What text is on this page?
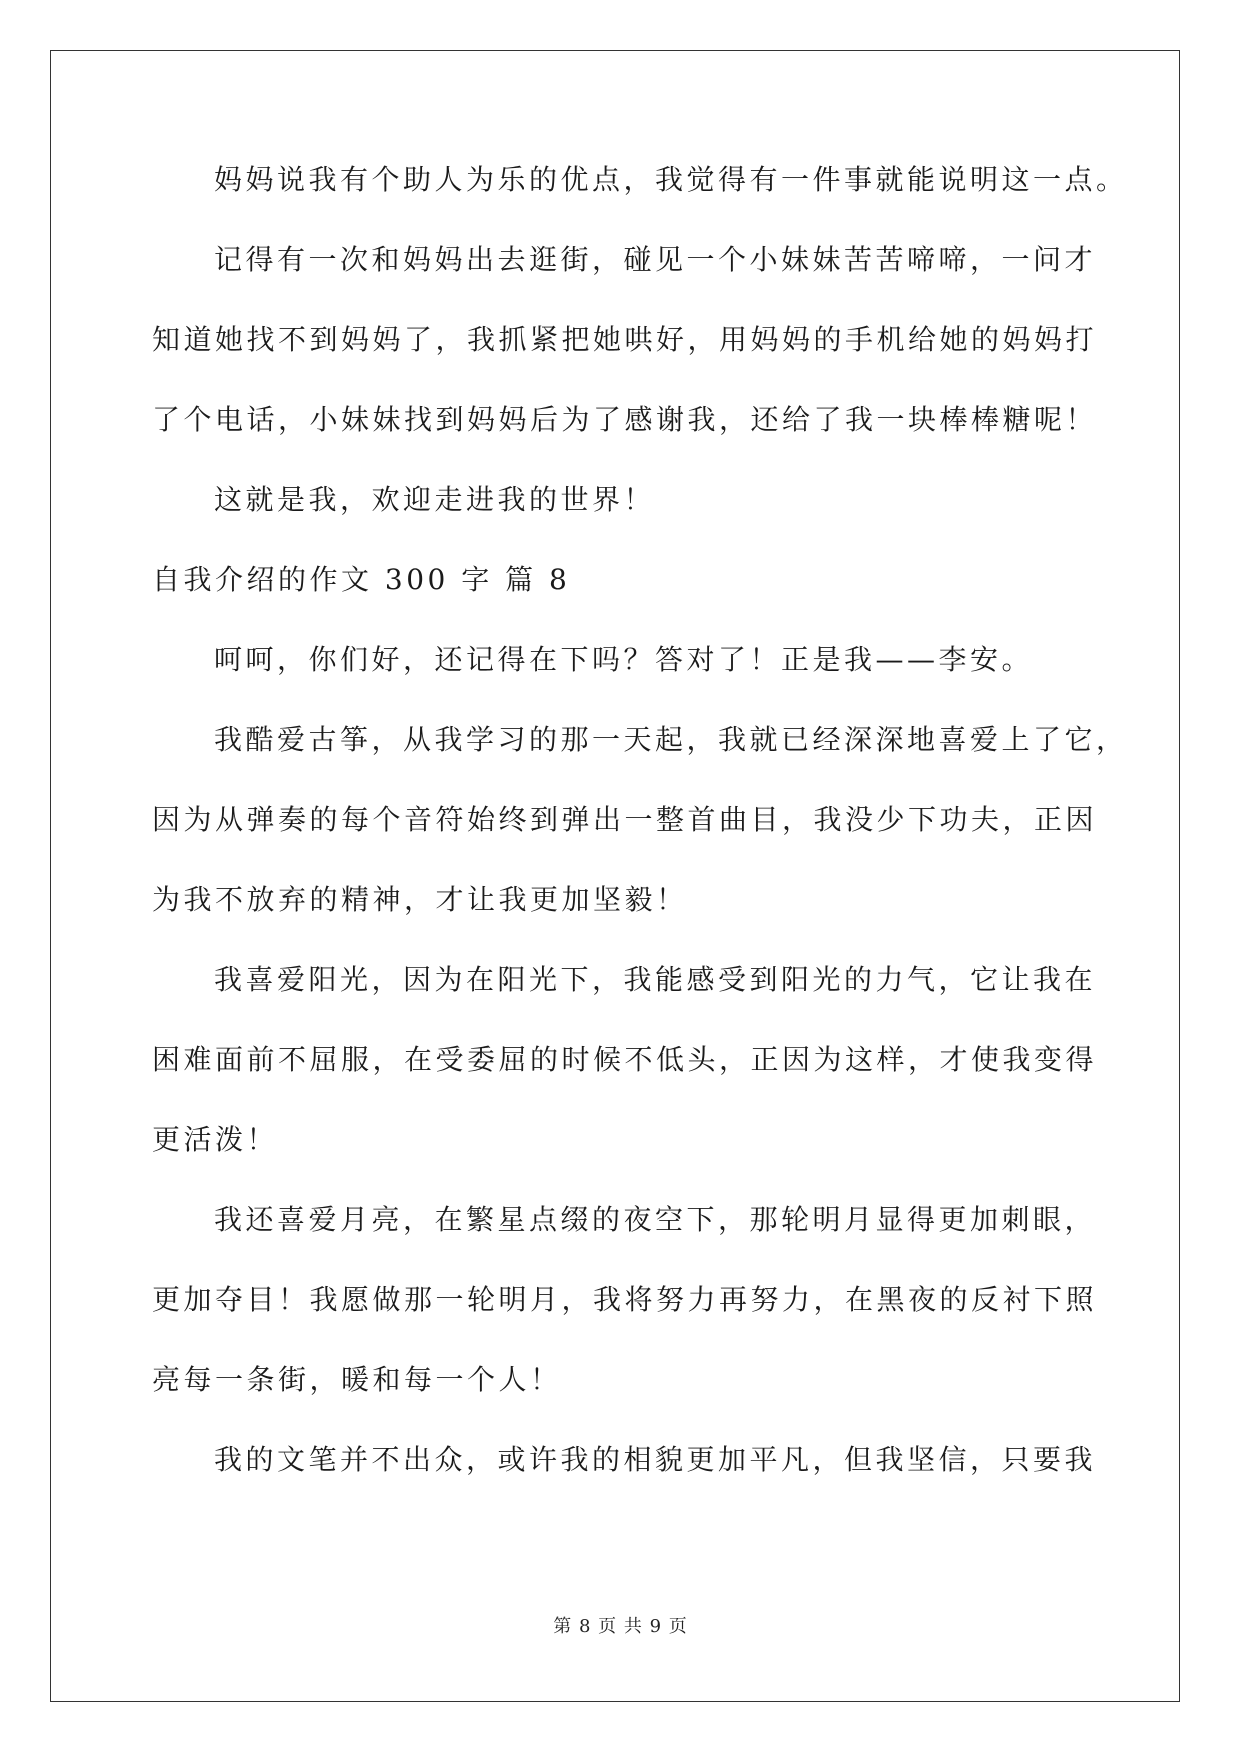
妈妈说我有个助人为乐的优点，我觉得有一件事就能说明这一点。
记得有一次和妈妈出去逛街，碰见一个小妹妹苦苦啼啼，一问才
知道她找不到妈妈了，我抓紧把她哄好，用妈妈的手机给她的妈妈打
了个电话，小妹妹找到妈妈后为了感谢我，还给了我一块棒棒糖呢！
这就是我，欢迎走进我的世界！
自我介绍的作文 300 字 篇 8
呵呵，你们好，还记得在下吗？答对了！正是我——李安。
我酷爱古筝，从我学习的那一天起，我就已经深深地喜爱上了它，
因为从弹奏的每个音符始终到弹出一整首曲目，我没少下功夫，正因
为我不放弃的精神，才让我更加坚毅！
我喜爱阳光，因为在阳光下，我能感受到阳光的力气，它让我在
困难面前不屈服，在受委屈的时候不低头，正因为这样，才使我变得
更活泼！
我还喜爱月亮，在繁星点缀的夜空下，那轮明月显得更加刺眼，
更加夺目！我愿做那一轮明月，我将努力再努力，在黑夜的反衬下照
亮每一条街，暖和每一个人！
我的文笔并不出众，或许我的相貌更加平凡，但我坚信，只要我
第 8 页 共 9 页
